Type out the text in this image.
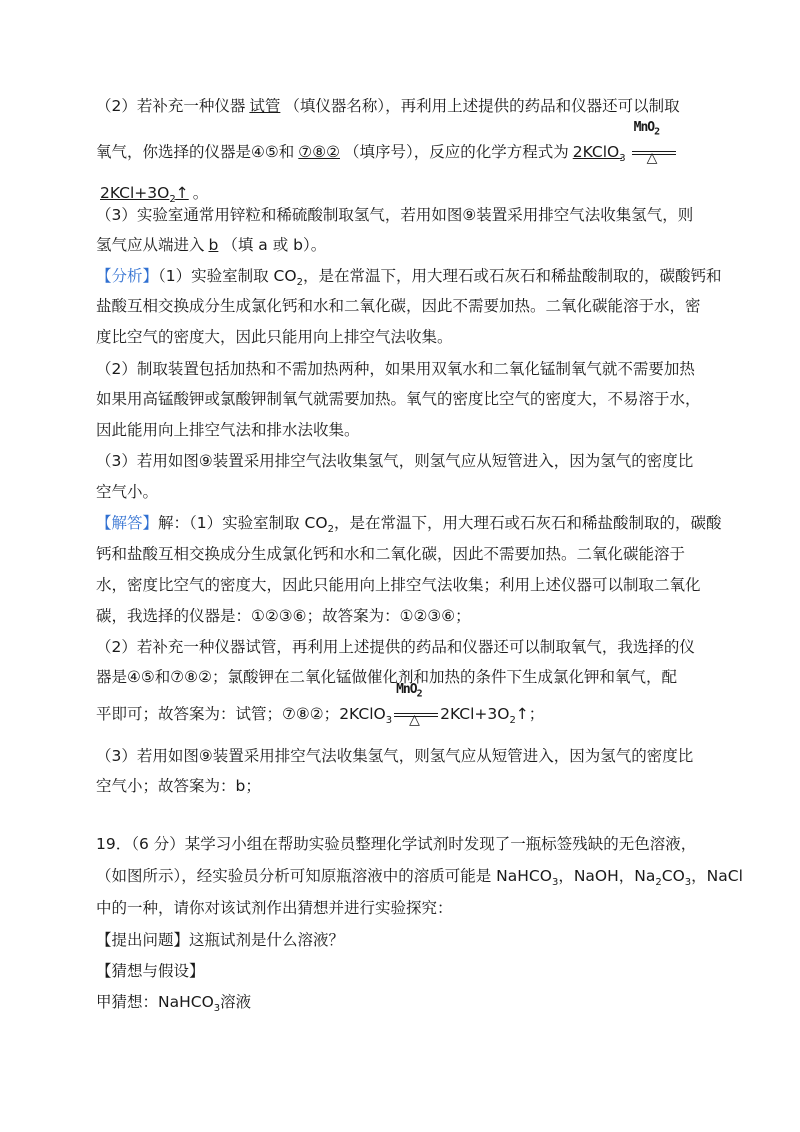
（2）若补充一种仪器 试管 （填仪器名称），再利用上述提供的药品和仪器还可以制取
氧气，你选择的仪器是④⑤和 ⑦⑧② （填序号），反应的化学方程式为 2KClO$_3$
MnO$_2$
△
$2KCl+3O_2↑$ 。
（3）实验室通常用锌粒和稀硫酸制取氢气，若用如图⑨装置采用排空气法收集氢气，则
氢气应从端进入 b （填 a 或 b）。
【分析】（1）实验室制取 $CO_2$，是在常温下，用大理石或石灰石和稀盐酸制取的，碳酸钙和
盐酸互相交换成分生成氯化钙和水和二氧化碳，因此不需要加热。二氧化碳能溶于水，密
度比空气的密度大，因此只能用向上排空气法收集。
（2）制取装置包括加热和不需加热两种，如果用双氧水和二氧化锰制氧气就不需要加热
如果用高锰酸钾或氯酸钾制氧气就需要加热。氧气的密度比空气的密度大，不易溶于水，
因此能用向上排空气法和排水法收集。
（3）若用如图⑨装置采用排空气法收集氢气，则氢气应从短管进入，因为氢气的密度比
空气小。
【解答】解：（1）实验室制取 $CO_2$，是在常温下，用大理石或石灰石和稀盐酸制取的，碳酸
钙和盐酸互相交换成分生成氯化钙和水和二氧化碳，因此不需要加热。二氧化碳能溶于
水，密度比空气的密度大，因此只能用向上排空气法收集；利用上述仪器可以制取二氧化
碳，我选择的仪器是：①②③⑥；故答案为：①②③⑥；
（2）若补充一种仪器试管，再利用上述提供的药品和仪器还可以制取氧气，我选择的仪
器是④⑤和⑦⑧②；氯酸钾在二氧化锰做催化剂和加热的条件下生成氯化钾和氧气，配
平即可；故答案为：试管；⑦⑧②；2KClO$_3$
MnO$_2$
△ $2KCl+3O_2↑$；
（3）若用如图⑨装置采用排空气法收集氢气，则氢气应从短管进入，因为氢气的密度比
空气小；故答案为：b；
19．（6 分）某学习小组在帮助实验员整理化学试剂时发现了一瓶标签残缺的无色溶液，
（如图所示），经实验员分析可知原瓶溶液中的溶质可能是 NaHCO$_3$，NaOH，$Na_2CO_3$，NaCl
中的一种，请你对该试剂作出猜想并进行实验探究：
【提出问题】这瓶试剂是什么溶液？
【猜想与假设】
甲猜想：NaHCO$_3$溶液
